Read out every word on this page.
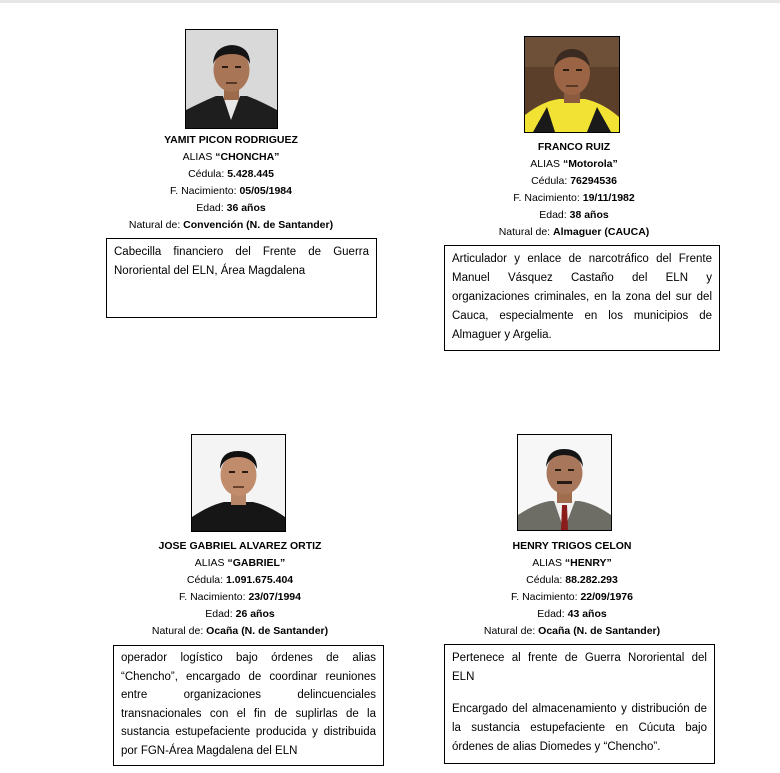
YAMIT PICON RODRIGUEZ
ALIAS “CHONCHA”
Cédula: 5.428.445
F. Nacimiento: 05/05/1984
Edad: 36 años
Natural de: Convención (N. de Santander)

Cabecilla financiero del Frente de Guerra Nororiental del ELN, Área Magdalena

FRANCO RUIZ
ALIAS “Motorola”
Cédula: 76294536
F. Nacimiento: 19/11/1982
Edad: 38 años
Natural de: Almaguer (CAUCA)

Articulador y enlace de narcotráfico del Frente Manuel Vásquez Castaño del ELN y organizaciones criminales, en la zona del sur del Cauca, especialmente en los municipios de Almaguer y Argelia.

JOSE GABRIEL ALVAREZ ORTIZ
ALIAS “GABRIEL”
Cédula: 1.091.675.404
F. Nacimiento: 23/07/1994
Edad: 26 años
Natural de: Ocaña (N. de Santander)

operador logístico bajo órdenes de alias “Chencho”, encargado de coordinar reuniones entre organizaciones delincuenciales transnacionales con el fin de suplirlas de la sustancia estupefaciente producida y distribuida por FGN-Área Magdalena del ELN

HENRY TRIGOS CELON
ALIAS “HENRY”
Cédula: 88.282.293
F. Nacimiento: 22/09/1976
Edad: 43 años
Natural de: Ocaña (N. de Santander)

Pertenece al frente de Guerra Nororiental del ELN

Encargado del almacenamiento y distribución de la sustancia estupefaciente en Cúcuta bajo órdenes de alias Diomedes y “Chencho”.
